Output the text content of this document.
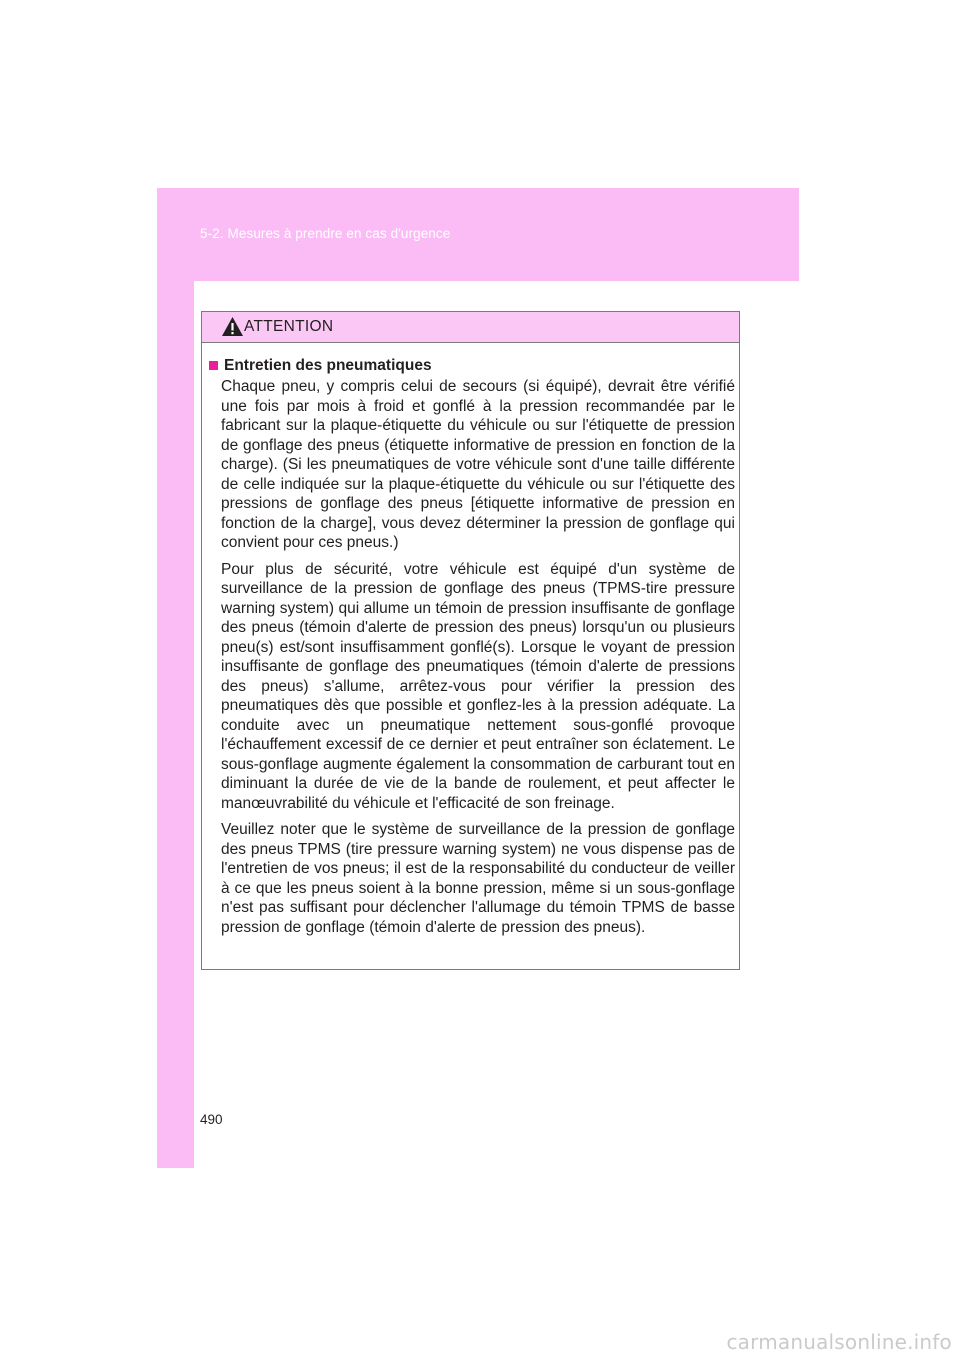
5-2. Mesures à prendre en cas d'urgence
ATTENTION
Entretien des pneumatiques

Chaque pneu, y compris celui de secours (si équipé), devrait être vérifié une fois par mois à froid et gonflé à la pression recommandée par le fabricant sur la plaque-étiquette du véhicule ou sur l'étiquette de pression de gonflage des pneus (étiquette informative de pression en fonction de la charge). (Si les pneumatiques de votre véhicule sont d'une taille différente de celle indiquée sur la plaque-étiquette du véhicule ou sur l'étiquette des pressions de gonflage des pneus [étiquette informative de pression en fonction de la charge], vous devez déterminer la pression de gonflage qui convient pour ces pneus.)

Pour plus de sécurité, votre véhicule est équipé d'un système de surveillance de la pression de gonflage des pneus (TPMS-tire pressure warning system) qui allume un témoin de pression insuffisante de gonflage des pneus (témoin d'alerte de pression des pneus) lorsqu'un ou plusieurs pneu(s) est/sont insuffisamment gonflé(s). Lorsque le voyant de pression insuffisante de gonflage des pneumatiques (témoin d'alerte de pressions des pneus) s'allume, arrêtez-vous pour vérifier la pression des pneumatiques dès que possible et gonflez-les à la pression adéquate. La conduite avec un pneumatique nettement sous-gonflé provoque l'échauffement excessif de ce dernier et peut entraîner son éclatement. Le sous-gonflage augmente également la consommation de carburant tout en diminuant la durée de vie de la bande de roulement, et peut affecter le manœuvrabilité du véhicule et l'efficacité de son freinage.

Veuillez noter que le système de surveillance de la pression de gonflage des pneus TPMS (tire pressure warning system) ne vous dispense pas de l'entretien de vos pneus; il est de la responsabilité du conducteur de veiller à ce que les pneus soient à la bonne pression, même si un sous-gonflage n'est pas suffisant pour déclencher l'allumage du témoin TPMS de basse pression de gonflage (témoin d'alerte de pression des pneus).

490
carmanualsonline.info
